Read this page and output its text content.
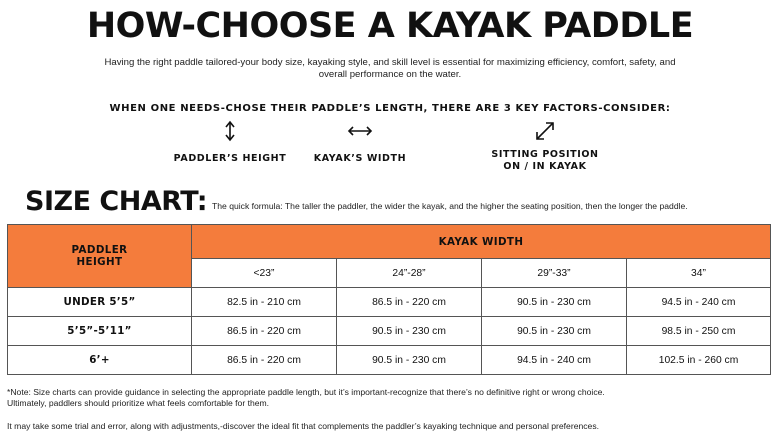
HOW-CHOOSE A KAYAK PADDLE
Having the right paddle tailored-your body size, kayaking style, and skill level is essential for maximizing efficiency, comfort, safety, and overall performance on the water.
WHEN ONE NEEDS-CHOSE THEIR PADDLE’S LENGTH, THERE ARE 3 KEY FACTORS-CONSIDER:
PADDLER’S HEIGHT	KAYAK’S WIDTH	SITTING POSITION
ON / IN KAYAK
SIZE CHART: The quick formula: The taller the paddler, the wider the kayak, and the higher the seating position, then the longer the paddle.
PADDLER
HEIGHT	KAYAK WIDTH			
	<23”	24”-28”	29”-33”	34”
UNDER 5’5”	82.5 in - 210 cm	86.5 in - 220 cm	90.5 in - 230 cm	94.5 in - 240 cm
5’5”-5’11”	86.5 in - 220 cm	90.5 in - 230 cm	90.5 in - 230 cm	98.5 in - 250 cm
6’+	86.5 in - 220 cm	90.5 in - 230 cm	94.5 in - 240 cm	102.5 in - 260 cm
*Note: Size charts can provide guidance in selecting the appropriate paddle length, but it’s important-recognize that there’s no definitive right or wrong choice.
Ultimately, paddlers should prioritize what feels comfortable for them.
It may take some trial and error, along with adjustments,-discover the ideal fit that complements the paddler’s kayaking technique and personal preferences.
